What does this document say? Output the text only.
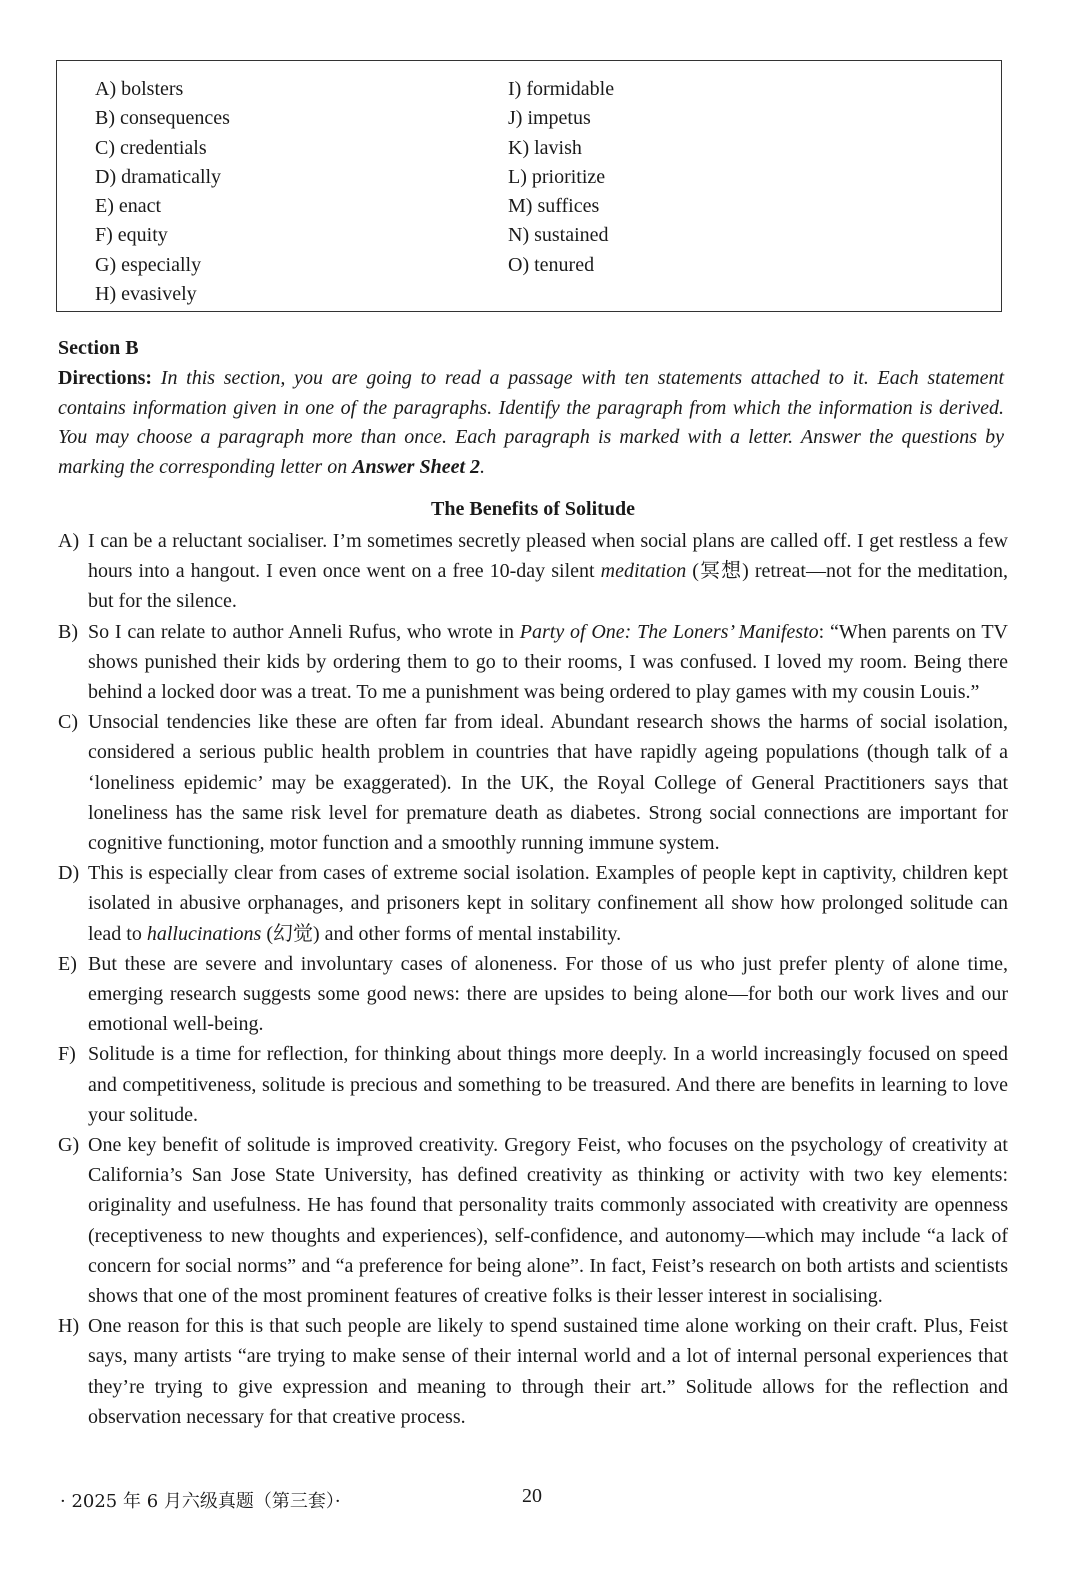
A) bolsters
B) consequences
C) credentials
D) dramatically
E) enact
F) equity
G) especially
H) evasively
I) formidable
J) impetus
K) lavish
L) prioritize
M) suffices
N) sustained
O) tenured
Section B
Directions: In this section, you are going to read a passage with ten statements attached to it. Each statement contains information given in one of the paragraphs. Identify the paragraph from which the information is derived. You may choose a paragraph more than once. Each paragraph is marked with a letter. Answer the questions by marking the corresponding letter on Answer Sheet 2.
The Benefits of Solitude
A) I can be a reluctant socialiser. I’m sometimes secretly pleased when social plans are called off. I get restless a few hours into a hangout. I even once went on a free 10-day silent meditation (冥想) retreat—not for the meditation, but for the silence.
B) So I can relate to author Anneli Rufus, who wrote in Party of One: The Loners’ Manifesto: “When parents on TV shows punished their kids by ordering them to go to their rooms, I was confused. I loved my room. Being there behind a locked door was a treat. To me a punishment was being ordered to play games with my cousin Louis.”
C) Unsocial tendencies like these are often far from ideal. Abundant research shows the harms of social isolation, considered a serious public health problem in countries that have rapidly ageing populations (though talk of a ‘loneliness epidemic’ may be exaggerated). In the UK, the Royal College of General Practitioners says that loneliness has the same risk level for premature death as diabetes. Strong social connections are important for cognitive functioning, motor function and a smoothly running immune system.
D) This is especially clear from cases of extreme social isolation. Examples of people kept in captivity, children kept isolated in abusive orphanages, and prisoners kept in solitary confinement all show how prolonged solitude can lead to hallucinations (幻觉) and other forms of mental instability.
E) But these are severe and involuntary cases of aloneness. For those of us who just prefer plenty of alone time, emerging research suggests some good news: there are upsides to being alone—for both our work lives and our emotional well-being.
F) Solitude is a time for reflection, for thinking about things more deeply. In a world increasingly focused on speed and competitiveness, solitude is precious and something to be treasured. And there are benefits in learning to love your solitude.
G) One key benefit of solitude is improved creativity. Gregory Feist, who focuses on the psychology of creativity at California’s San Jose State University, has defined creativity as thinking or activity with two key elements: originality and usefulness. He has found that personality traits commonly associated with creativity are openness (receptiveness to new thoughts and experiences), self-confidence, and autonomy—which may include “a lack of concern for social norms” and “a preference for being alone”. In fact, Feist’s research on both artists and scientists shows that one of the most prominent features of creative folks is their lesser interest in socialising.
H) One reason for this is that such people are likely to spend sustained time alone working on their craft. Plus, Feist says, many artists “are trying to make sense of their internal world and a lot of internal personal experiences that they’re trying to give expression and meaning to through their art.” Solitude allows for the reflection and observation necessary for that creative process.
· 2025 年 6 月六级真题（第三套）·	20
